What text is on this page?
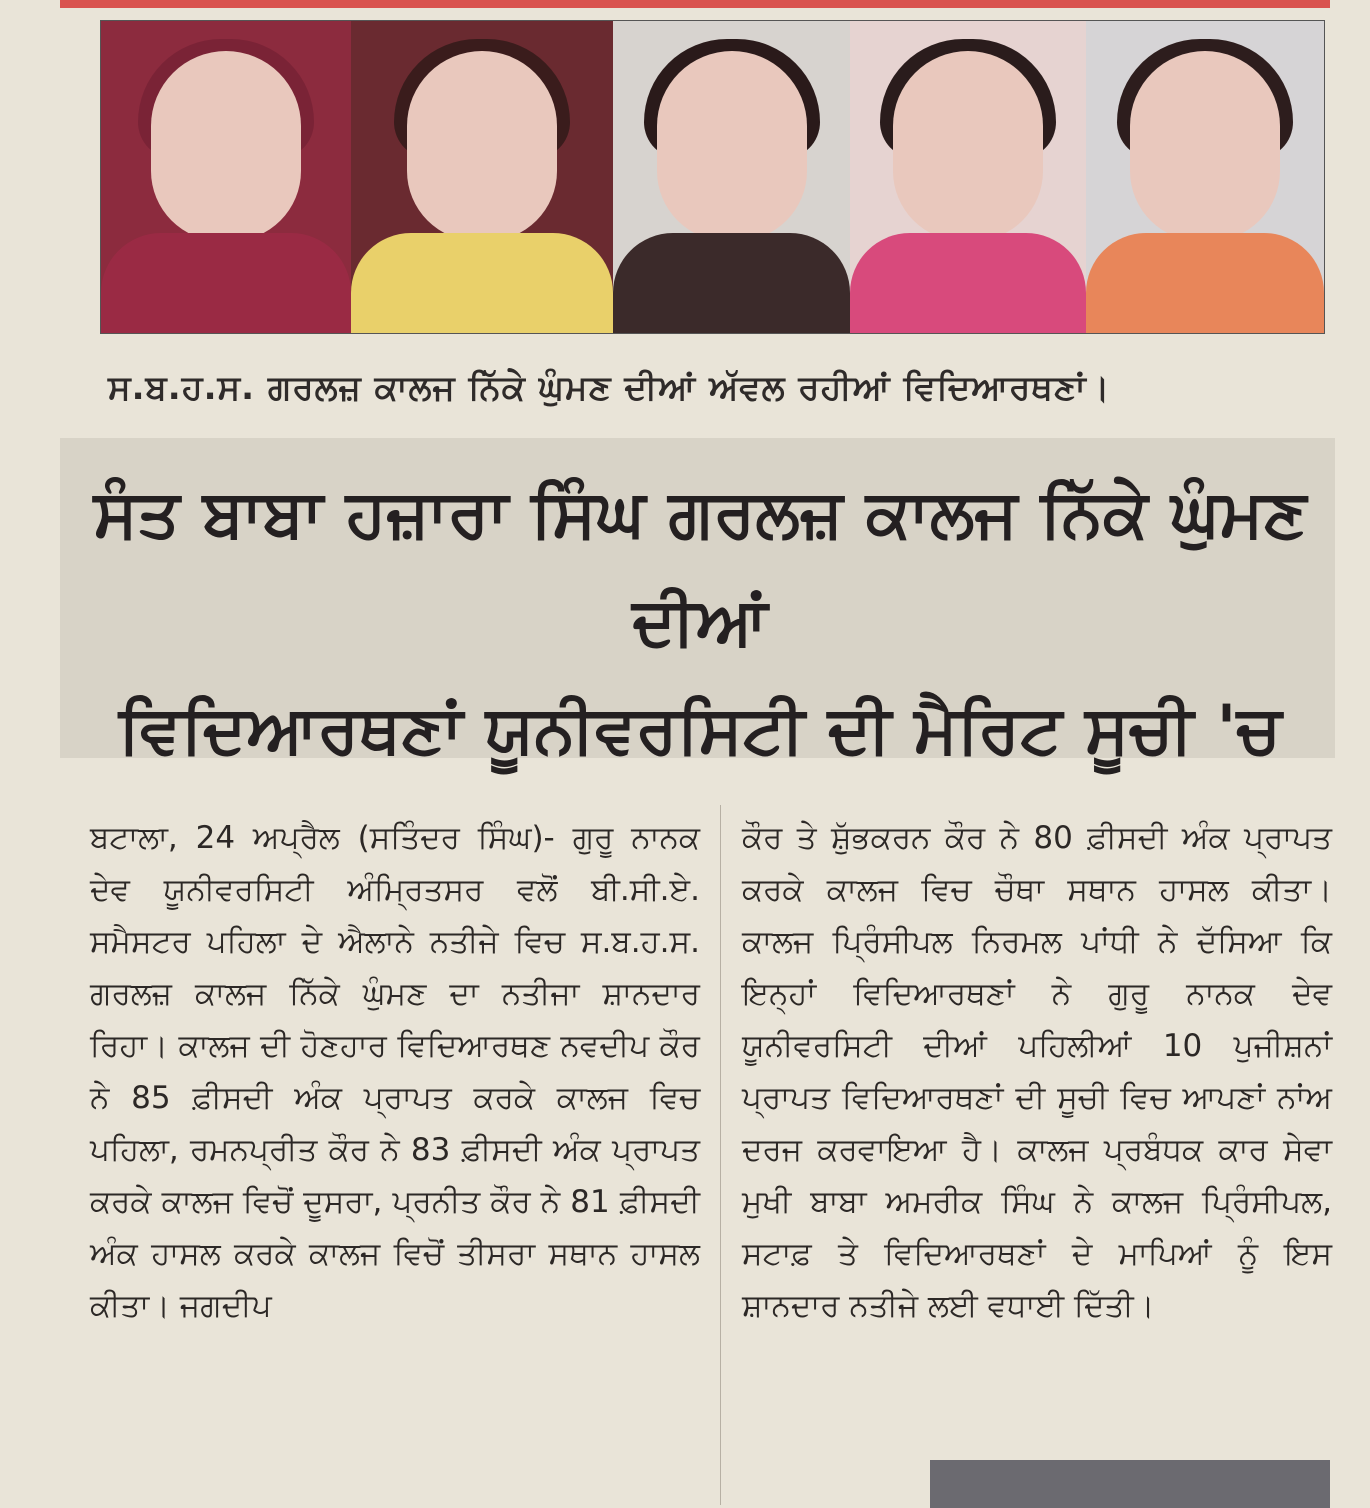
ਸ.ਬ.ਹ.ਸ. ਗਰਲਜ਼ ਕਾਲਜ ਨਿੱਕੇ ਘੁੰਮਣ ਦੀਆਂ ਅੱਵਲ ਰਹੀਆਂ ਵਿਦਿਆਰਥਣਾਂ।
ਸੰਤ ਬਾਬਾ ਹਜ਼ਾਰਾ ਸਿੰਘ ਗਰਲਜ਼ ਕਾਲਜ ਨਿੱਕੇ ਘੁੰਮਣ ਦੀਆਂ
ਵਿਦਿਆਰਥਣਾਂ ਯੂਨੀਵਰਸਿਟੀ ਦੀ ਮੈਰਿਟ ਸੂਚੀ 'ਚ
ਬਟਾਲਾ, 24 ਅਪ੍ਰੈਲ (ਸਤਿੰਦਰ ਸਿੰਘ)- ਗੁਰੂ ਨਾਨਕ ਦੇਵ ਯੂਨੀਵਰਸਿਟੀ ਅੰਮ੍ਰਿਤਸਰ ਵਲੋਂ ਬੀ.ਸੀ.ਏ. ਸਮੈਸਟਰ ਪਹਿਲਾ ਦੇ ਐਲਾਨੇ ਨਤੀਜੇ ਵਿਚ ਸ.ਬ.ਹ.ਸ. ਗਰਲਜ਼ ਕਾਲਜ ਨਿੱਕੇ ਘੁੰਮਣ ਦਾ ਨਤੀਜਾ ਸ਼ਾਨਦਾਰ ਰਿਹਾ। ਕਾਲਜ ਦੀ ਹੋਣਹਾਰ ਵਿਦਿਆਰਥਣ ਨਵਦੀਪ ਕੌਰ ਨੇ 85 ਫ਼ੀਸਦੀ ਅੰਕ ਪ੍ਰਾਪਤ ਕਰਕੇ ਕਾਲਜ ਵਿਚ ਪਹਿਲਾ, ਰਮਨਪ੍ਰੀਤ ਕੌਰ ਨੇ 83 ਫ਼ੀਸਦੀ ਅੰਕ ਪ੍ਰਾਪਤ ਕਰਕੇ ਕਾਲਜ ਵਿਚੋਂ ਦੂਸਰਾ, ਪ੍ਰਨੀਤ ਕੌਰ ਨੇ 81 ਫ਼ੀਸਦੀ ਅੰਕ ਹਾਸਲ ਕਰਕੇ ਕਾਲਜ ਵਿਚੋਂ ਤੀਸਰਾ ਸਥਾਨ ਹਾਸਲ ਕੀਤਾ। ਜਗਦੀਪ
ਕੌਰ ਤੇ ਸ਼ੁੱਭਕਰਨ ਕੌਰ ਨੇ 80 ਫ਼ੀਸਦੀ ਅੰਕ ਪ੍ਰਾਪਤ ਕਰਕੇ ਕਾਲਜ ਵਿਚ ਚੌਥਾ ਸਥਾਨ ਹਾਸਲ ਕੀਤਾ। ਕਾਲਜ ਪ੍ਰਿੰਸੀਪਲ ਨਿਰਮਲ ਪਾਂਧੀ ਨੇ ਦੱਸਿਆ ਕਿ ਇਨ੍ਹਾਂ ਵਿਦਿਆਰਥਣਾਂ ਨੇ ਗੁਰੂ ਨਾਨਕ ਦੇਵ ਯੂਨੀਵਰਸਿਟੀ ਦੀਆਂ ਪਹਿਲੀਆਂ 10 ਪੁਜੀਸ਼ਨਾਂ ਪ੍ਰਾਪਤ ਵਿਦਿਆਰਥਣਾਂ ਦੀ ਸੂਚੀ ਵਿਚ ਆਪਣਾਂ ਨਾਂਅ ਦਰਜ ਕਰਵਾਇਆ ਹੈ। ਕਾਲਜ ਪ੍ਰਬੰਧਕ ਕਾਰ ਸੇਵਾ ਮੁਖੀ ਬਾਬਾ ਅਮਰੀਕ ਸਿੰਘ ਨੇ ਕਾਲਜ ਪ੍ਰਿੰਸੀਪਲ, ਸਟਾਫ਼ ਤੇ ਵਿਦਿਆਰਥਣਾਂ ਦੇ ਮਾਪਿਆਂ ਨੂੰ ਇਸ ਸ਼ਾਨਦਾਰ ਨਤੀਜੇ ਲਈ ਵਧਾਈ ਦਿੱਤੀ।
